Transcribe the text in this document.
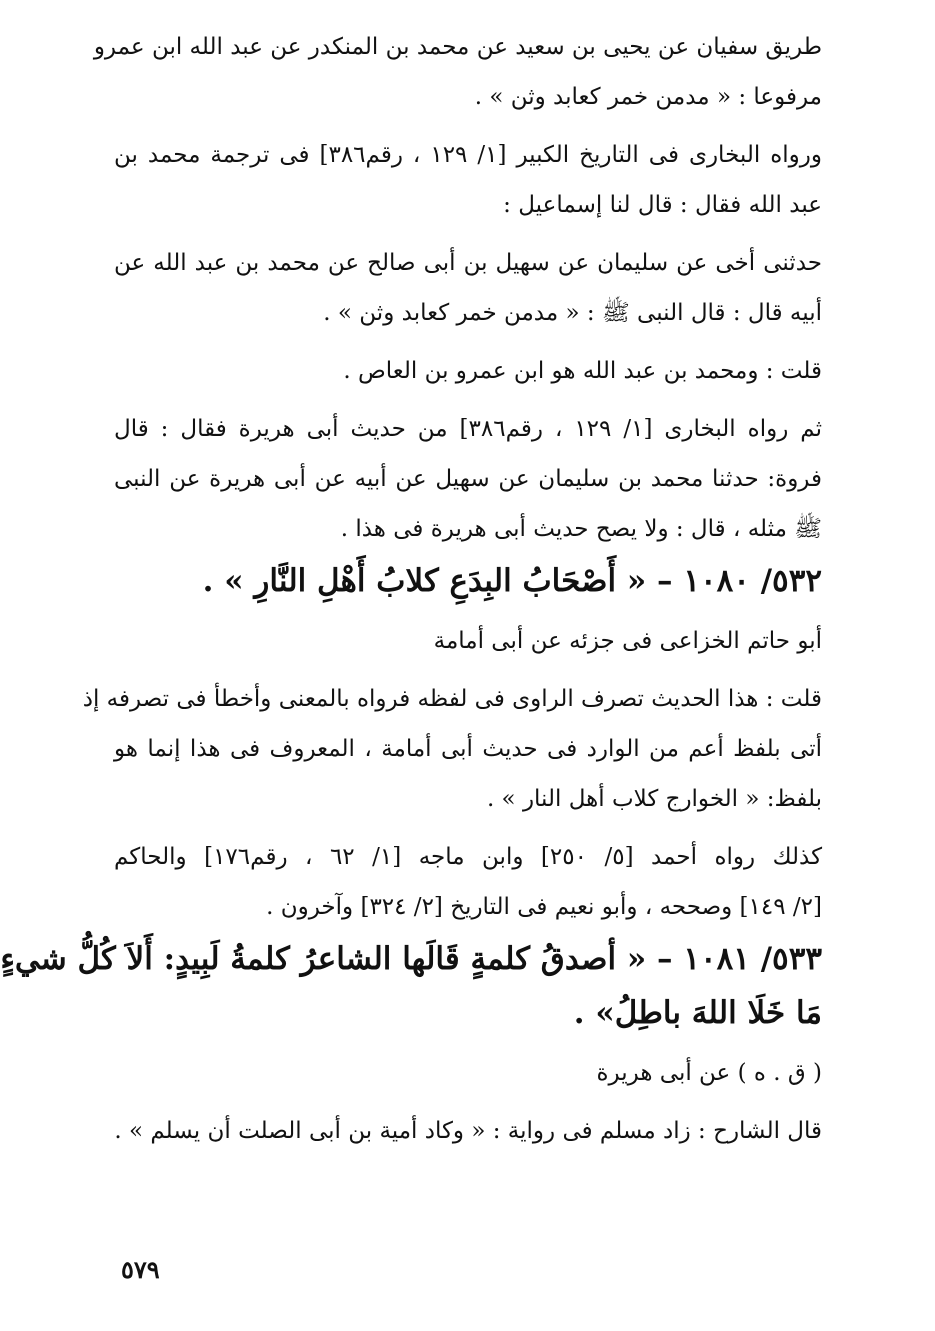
طريق سفيان عن يحيى بن سعيد عن محمد بن المنكدر عن عبد الله ابن عمرو
مرفوعا : « مدمن خمر كعابد وثن » .
ورواه البخارى فى التاريخ الكبير [١/ ١٢٩ ، رقم٣٨٦] فى ترجمة محمد بن
عبد الله فقال : قال لنا إسماعيل :
حدثنى أخى عن سليمان عن سهيل بن أبى صالح عن محمد بن عبد الله عن
أبيه قال : قال النبى ﷺ : « مدمن خمر كعابد وثن » .
قلت : ومحمد بن عبد الله هو ابن عمرو بن العاص .
ثم رواه البخارى [١/ ١٢٩ ، رقم٣٨٦] من حديث أبى هريرة فقال : قال
فروة: حدثنا محمد بن سليمان عن سهيل عن أبيه عن أبى هريرة عن النبى
ﷺ مثله ، قال : ولا يصح حديث أبى هريرة فى هذا .
٥٣٢/ ١٠٨٠ – « أَصْحَابُ البِدَعِ كلابُ أَهْلِ النَّارِ » .
أبو حاتم الخزاعى فى جزئه عن أبى أمامة
قلت : هذا الحديث تصرف الراوى فى لفظه فرواه بالمعنى وأخطأ فى تصرفه إذ
أتى بلفظ أعم من الوارد فى حديث أبى أمامة ، المعروف فى هذا إنما هو
بلفظ: « الخوارج كلاب أهل النار » .
كذلك رواه أحمد [٥/ ٢٥٠] وابن ماجه [١/ ٦٢ ، رقم١٧٦] والحاكم
[٢/ ١٤٩] وصححه ، وأبو نعيم فى التاريخ [٢/ ٣٢٤] وآخرون .
٥٣٣/ ١٠٨١ – « أصدقُ كلمةٍ قَالَها الشاعرُ كلمةُ لَبِيدٍ: أَلاَ كُلُّ شيءٍ
مَا خَلَا اللهَ باطِلُ» .
( ق . ه ) عن أبى هريرة
قال الشارح : زاد مسلم فى رواية : « وكاد أمية بن أبى الصلت أن يسلم » .
٥٧٩
